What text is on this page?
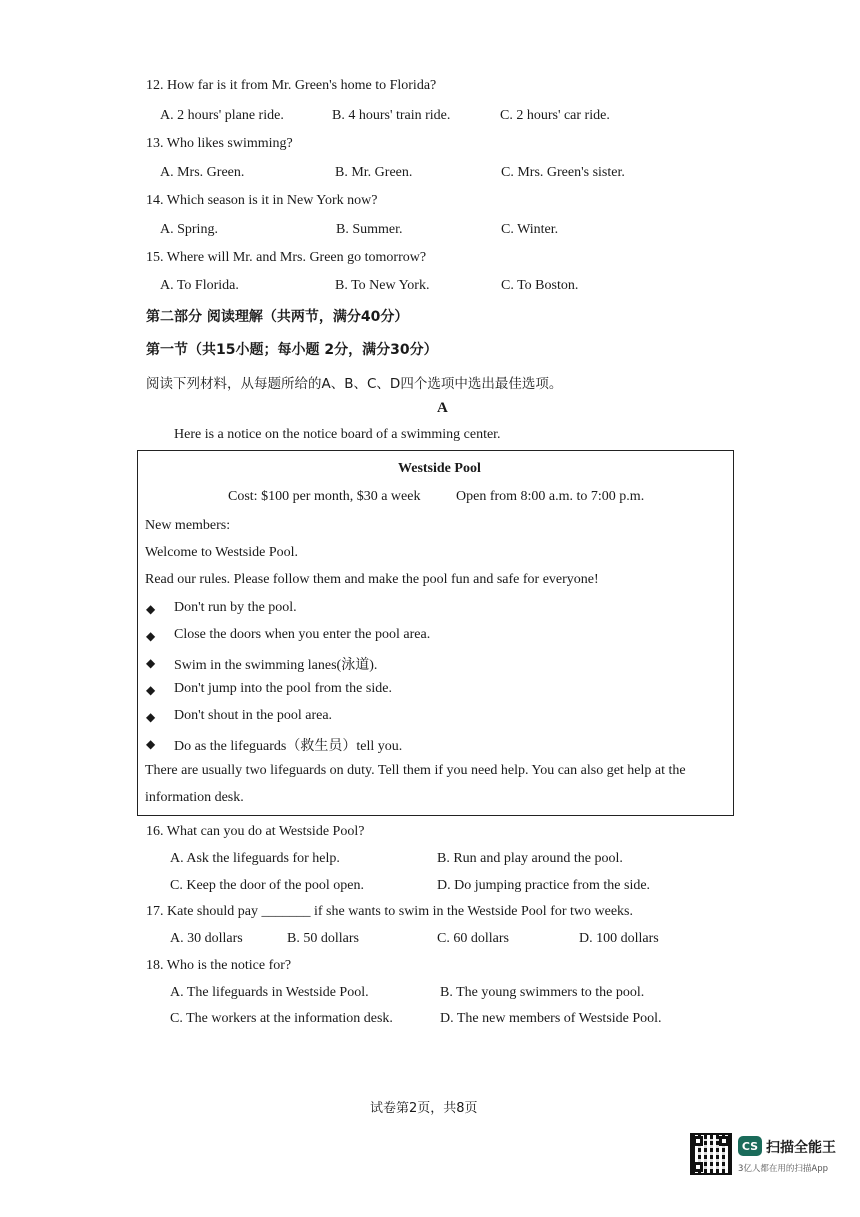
12. How far is it from Mr. Green's home to Florida?
A. 2 hours' plane ride.	B. 4 hours' train ride.	C. 2 hours' car ride.
13. Who likes swimming?
A. Mrs. Green.	B. Mr. Green.	C. Mrs. Green's sister.
14. Which season is it in New York now?
A. Spring.	B. Summer.	C. Winter.
15. Where will Mr. and Mrs. Green go tomorrow?
A. To Florida.	B. To New York.	C. To Boston.
第二部分 阅读理解（共两节，满分40分）
第一节（共15小题；每小题 2分，满分30分）
阅读下列材料，从每题所给的A、B、C、D四个选项中选出最佳选项。
A
Here is a notice on the notice board of a swimming center.
Westside Pool
Cost: $100 per month, $30 a week	Open from 8:00 a.m. to 7:00 p.m.
New members:
Welcome to Westside Pool.
Read our rules. Please follow them and make the pool fun and safe for everyone!
◆ Don't run by the pool.
◆ Close the doors when you enter the pool area.
◆ Swim in the swimming lanes(泳道).
◆ Don't jump into the pool from the side.
◆ Don't shout in the pool area.
◆ Do as the lifeguards（救生员）tell you.
There are usually two lifeguards on duty. Tell them if you need help. You can also get help at the
information desk.
16. What can you do at Westside Pool?
A. Ask the lifeguards for help.	B. Run and play around the pool.
C. Keep the door of the pool open.	D. Do jumping practice from the side.
17. Kate should pay _______ if she wants to swim in the Westside Pool for two weeks.
A. 30 dollars	B. 50 dollars	C. 60 dollars	D. 100 dollars
18. Who is the notice for?
A. The lifeguards in Westside Pool.	B. The young swimmers to the pool.
C. The workers at the information desk.	D. The new members of Westside Pool.
试卷第2页，共8页
CS 扫描全能王
3亿人都在用的扫描App
